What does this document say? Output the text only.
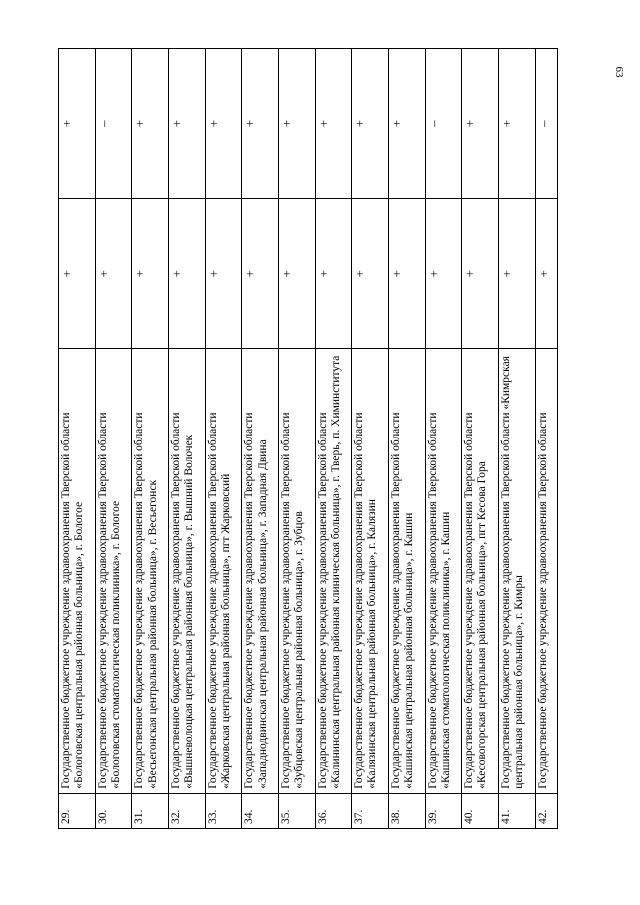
63
29.	Государственное бюджетное учреждение здравоохранения Тверской области «Бологовская центральная районная больница», г. Бологое	+	+
30.	Государственное бюджетное учреждение здравоохранения Тверской области «Бологовская стоматологическая поликлиника», г. Бологое	+	–
31.	Государственное бюджетное учреждение здравоохранения Тверской области «Весьегонская центральная районная больница», г. Весьегонск	+	+
32.	Государственное бюджетное учреждение здравоохранения Тверской области «Вышневолоцкая центральная районная больница», г. Вышний Волочек	+	+
33.	Государственное бюджетное учреждение здравоохранения Тверской области «Жарковская центральная районная больница», пгт Жарковский	+	+
34.	Государственное бюджетное учреждение здравоохранения Тверской области «Западнодвинская центральная районная больница», г. Западная Двина	+	+
35.	Государственное бюджетное учреждение здравоохранения Тверской области «Зубцовская центральная районная больница», г. Зубцов	+	+
36.	Государственное бюджетное учреждение здравоохранения Тверской области «Калининская центральная районная клиническая больница», г. Тверь, п. Химинститута	+	+
37.	Государственное бюджетное учреждение здравоохранения Тверской области «Калязинская центральная районная больница», г. Калязин	+	+
38.	Государственное бюджетное учреждение здравоохранения Тверской области «Кашинская центральная районная больница», г. Кашин	+	+
39.	Государственное бюджетное учреждение здравоохранения Тверской области «Кашинская стоматологическая поликлиника», г. Кашин	+	–
40.	Государственное бюджетное учреждение здравоохранения Тверской области «Кесовогорская центральная районная больница», пгт Кесова Гора	+	+
41.	Государственное бюджетное учреждение здравоохранения Тверской области «Кимрская центральная районная больница», г. Кимры	+	+
42.	Государственное бюджетное учреждение здравоохранения Тверской области	+	–
